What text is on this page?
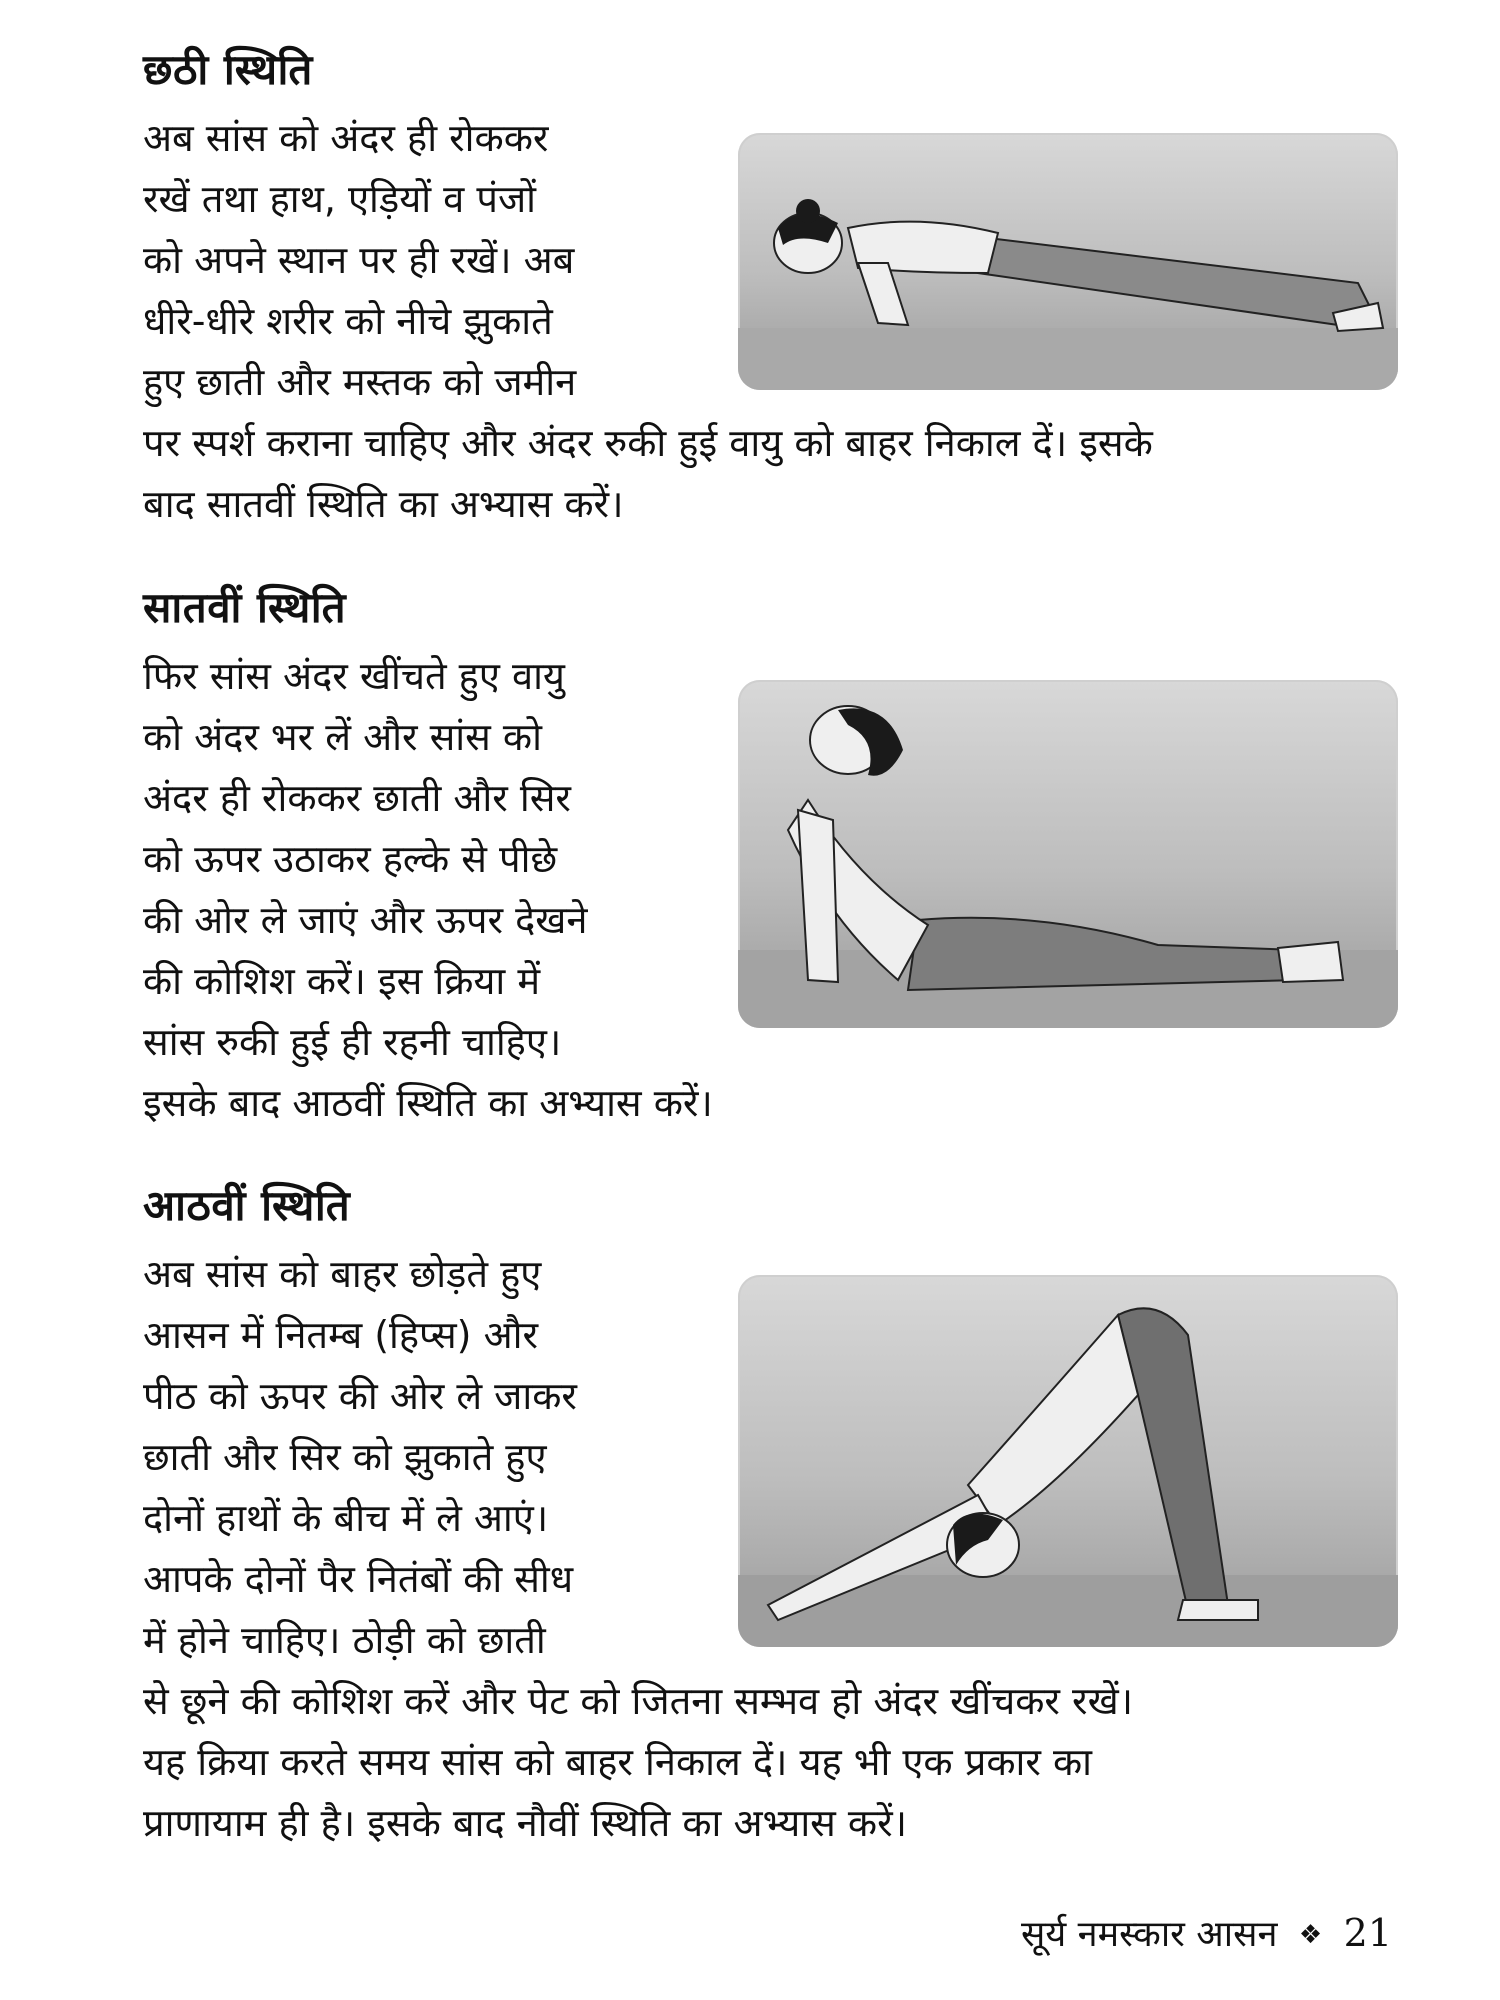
छठी स्थिति

अब सांस को अंदर ही रोककर

रखें तथा हाथ, एड़ियों व पंजों

को अपने स्थान पर ही रखें। अब

धीरे-धीरे शरीर को नीचे झुकाते

हुए छाती और मस्तक को जमीन

पर स्पर्श कराना चाहिए और अंदर रुकी हुई वायु को बाहर निकाल दें। इसके

बाद सातवीं स्थिति का अभ्यास करें।

सातवीं स्थिति

फिर सांस अंदर खींचते हुए वायु

को अंदर भर लें और सांस को

अंदर ही रोककर छाती और सिर

को ऊपर उठाकर हल्के से पीछे

की ओर ले जाएं और ऊपर देखने

की कोशिश करें। इस क्रिया में

सांस रुकी हुई ही रहनी चाहिए।

इसके बाद आठवीं स्थिति का अभ्यास करें।

आठवीं स्थिति

अब सांस को बाहर छोड़ते हुए

आसन में नितम्ब (हिप्स) और

पीठ को ऊपर की ओर ले जाकर

छाती और सिर को झुकाते हुए

दोनों हाथों के बीच में ले आएं।

आपके दोनों पैर नितंबों की सीध

में होने चाहिए। ठोड़ी को छाती

से छूने की कोशिश करें और पेट को जितना सम्भव हो अंदर खींचकर रखें।

यह क्रिया करते समय सांस को बाहर निकाल दें। यह भी एक प्रकार का

प्राणायाम ही है। इसके बाद नौवीं स्थिति का अभ्यास करें।

सूर्य नमस्कार आसन ❖ 21
